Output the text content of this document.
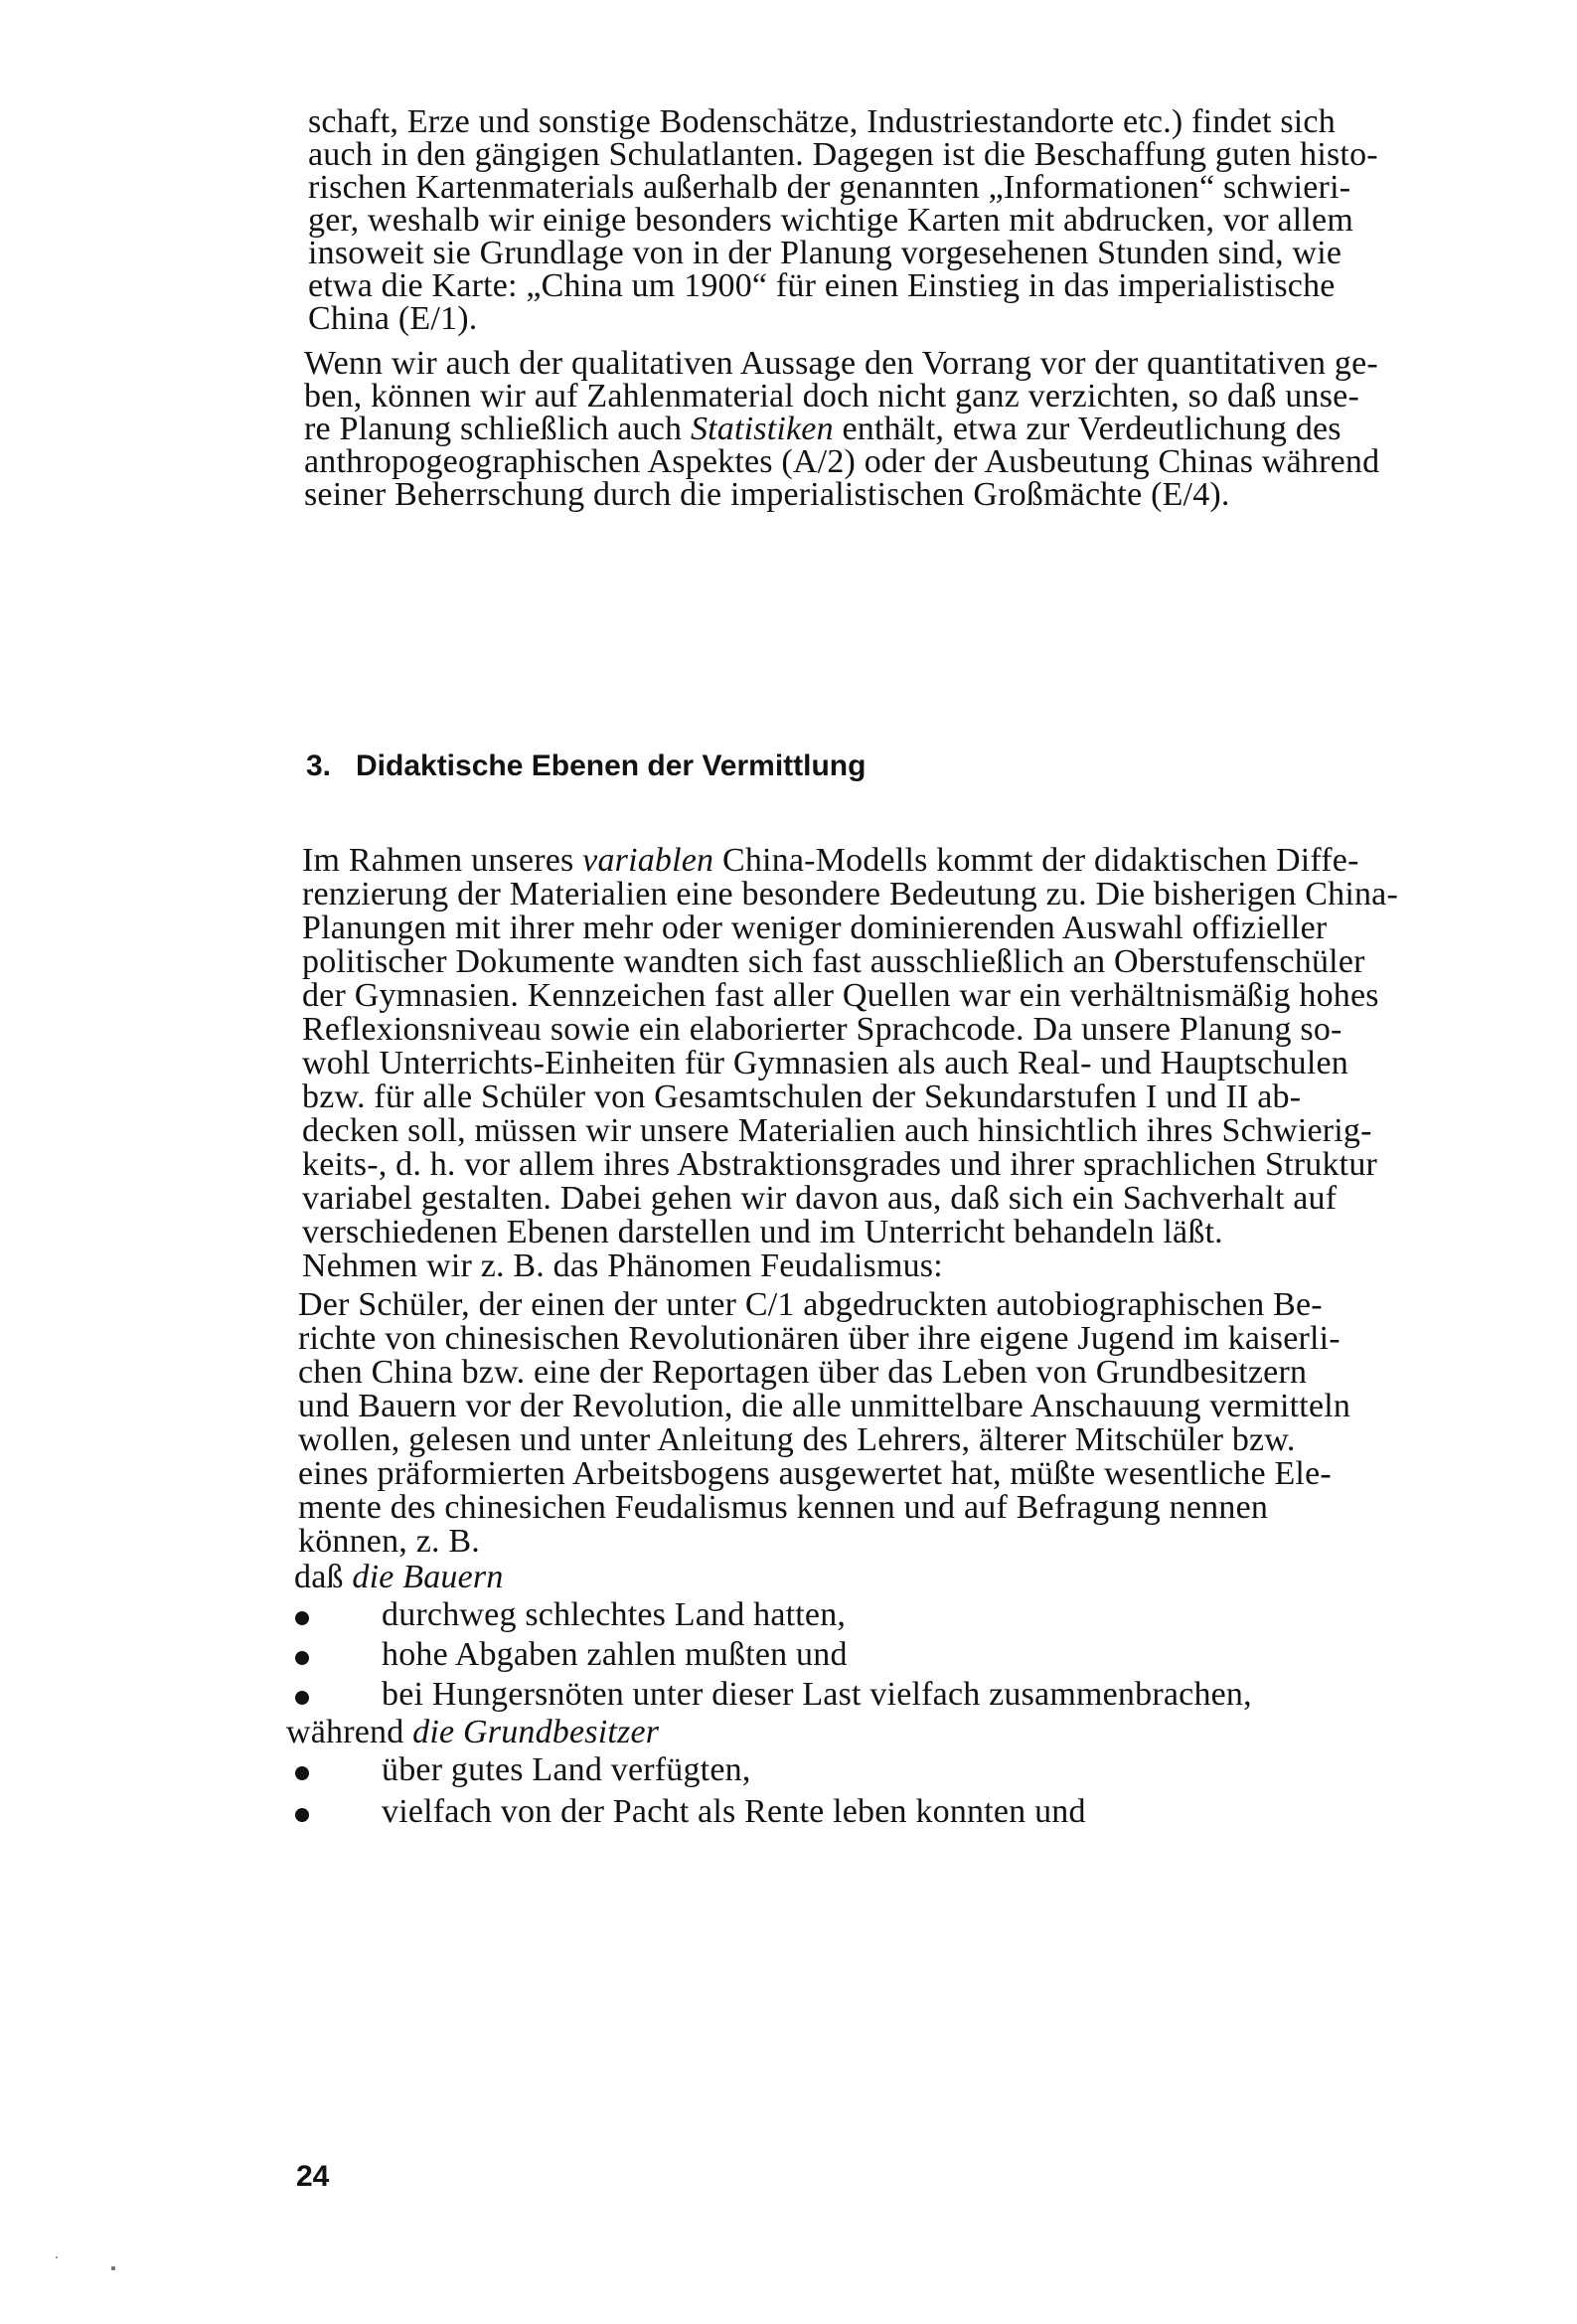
schaft, Erze und sonstige Bodenschätze, Industriestandorte etc.) findet sich
auch in den gängigen Schulatlanten. Dagegen ist die Beschaffung guten histo-
rischen Kartenmaterials außerhalb der genannten „Informationen“ schwieri-
ger, weshalb wir einige besonders wichtige Karten mit abdrucken, vor allem
insoweit sie Grundlage von in der Planung vorgesehenen Stunden sind, wie
etwa die Karte: „China um 1900“ für einen Einstieg in das imperialistische
China (E/1).
Wenn wir auch der qualitativen Aussage den Vorrang vor der quantitativen ge-
ben, können wir auf Zahlenmaterial doch nicht ganz verzichten, so daß unse-
re Planung schließlich auch Statistiken enthält, etwa zur Verdeutlichung des
anthropogeographischen Aspektes (A/2) oder der Ausbeutung Chinas während
seiner Beherrschung durch die imperialistischen Großmächte (E/4).
3. Didaktische Ebenen der Vermittlung
Im Rahmen unseres variablen China-Modells kommt der didaktischen Diffe-
renzierung der Materialien eine besondere Bedeutung zu. Die bisherigen China-
Planungen mit ihrer mehr oder weniger dominierenden Auswahl offizieller
politischer Dokumente wandten sich fast ausschließlich an Oberstufenschüler
der Gymnasien. Kennzeichen fast aller Quellen war ein verhältnismäßig hohes
Reflexionsniveau sowie ein elaborierter Sprachcode. Da unsere Planung so-
wohl Unterrichts-Einheiten für Gymnasien als auch Real- und Hauptschulen
bzw. für alle Schüler von Gesamtschulen der Sekundarstufen I und II ab-
decken soll, müssen wir unsere Materialien auch hinsichtlich ihres Schwierig-
keits-, d. h. vor allem ihres Abstraktionsgrades und ihrer sprachlichen Struktur
variabel gestalten. Dabei gehen wir davon aus, daß sich ein Sachverhalt auf
verschiedenen Ebenen darstellen und im Unterricht behandeln läßt.
Nehmen wir z. B. das Phänomen Feudalismus:
Der Schüler, der einen der unter C/1 abgedruckten autobiographischen Be-
richte von chinesischen Revolutionären über ihre eigene Jugend im kaiserli-
chen China bzw. eine der Reportagen über das Leben von Grundbesitzern
und Bauern vor der Revolution, die alle unmittelbare Anschauung vermitteln
wollen, gelesen und unter Anleitung des Lehrers, älterer Mitschüler bzw.
eines präformierten Arbeitsbogens ausgewertet hat, müßte wesentliche Ele-
mente des chinesichen Feudalismus kennen und auf Befragung nennen
können, z. B.
daß die Bauern
durchweg schlechtes Land hatten,
hohe Abgaben zahlen mußten und
bei Hungersnöten unter dieser Last vielfach zusammenbrachen,
während die Grundbesitzer
über gutes Land verfügten,
vielfach von der Pacht als Rente leben konnten und
24
